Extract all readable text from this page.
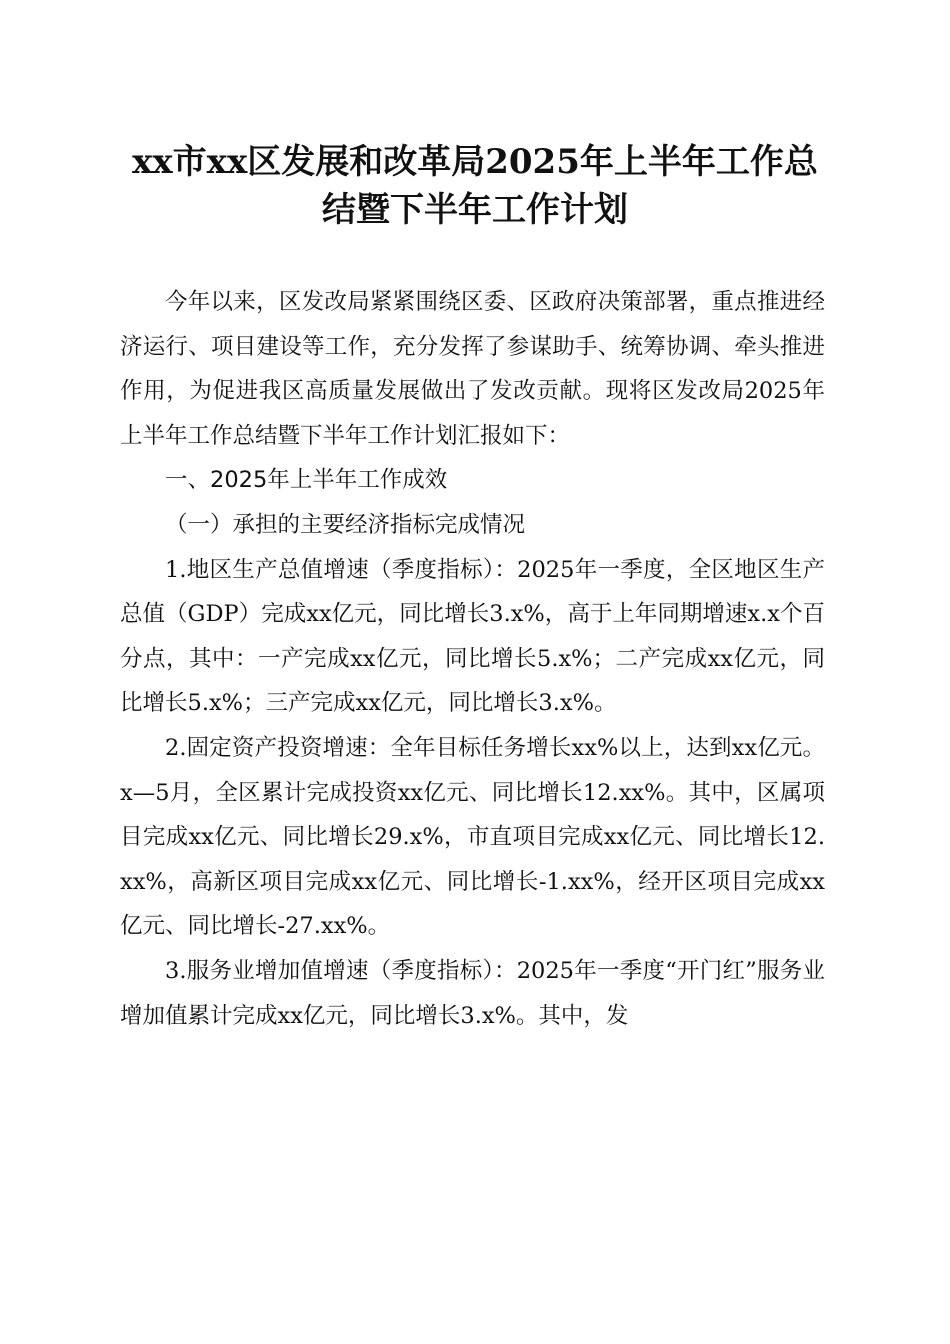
xx市xx区发展和改革局2025年上半年工作总
结暨下半年工作计划

今年以来，区发改局紧紧围绕区委、区政府决策部署，重点推进经济运行、项目建设等工作，充分发挥了参谋助手、统筹协调、牵头推进作用，为促进我区高质量发展做出了发改贡献。现将区发改局2025年上半年工作总结暨下半年工作计划汇报如下：

一、2025年上半年工作成效

（一）承担的主要经济指标完成情况

1.地区生产总值增速（季度指标）：2025年一季度，全区地区生产总值（GDP）完成xx亿元，同比增长3.x%，高于上年同期增速x.x个百分点，其中：一产完成xx亿元，同比增长5.x%；二产完成xx亿元，同比增长5.x%；三产完成xx亿元，同比增长3.x%。

2.固定资产投资增速：全年目标任务增长xx%以上，达到xx亿元。x—5月，全区累计完成投资xx亿元、同比增长12.xx%。其中，区属项目完成xx亿元、同比增长29.x%，市直项目完成xx亿元、同比增长12.xx%，高新区项目完成xx亿元、同比增长-1.xx%，经开区项目完成xx亿元、同比增长-27.xx%。

3.服务业增加值增速（季度指标）：2025年一季度“开门红”服务业增加值累计完成xx亿元，同比增长3.x%。其中，发
